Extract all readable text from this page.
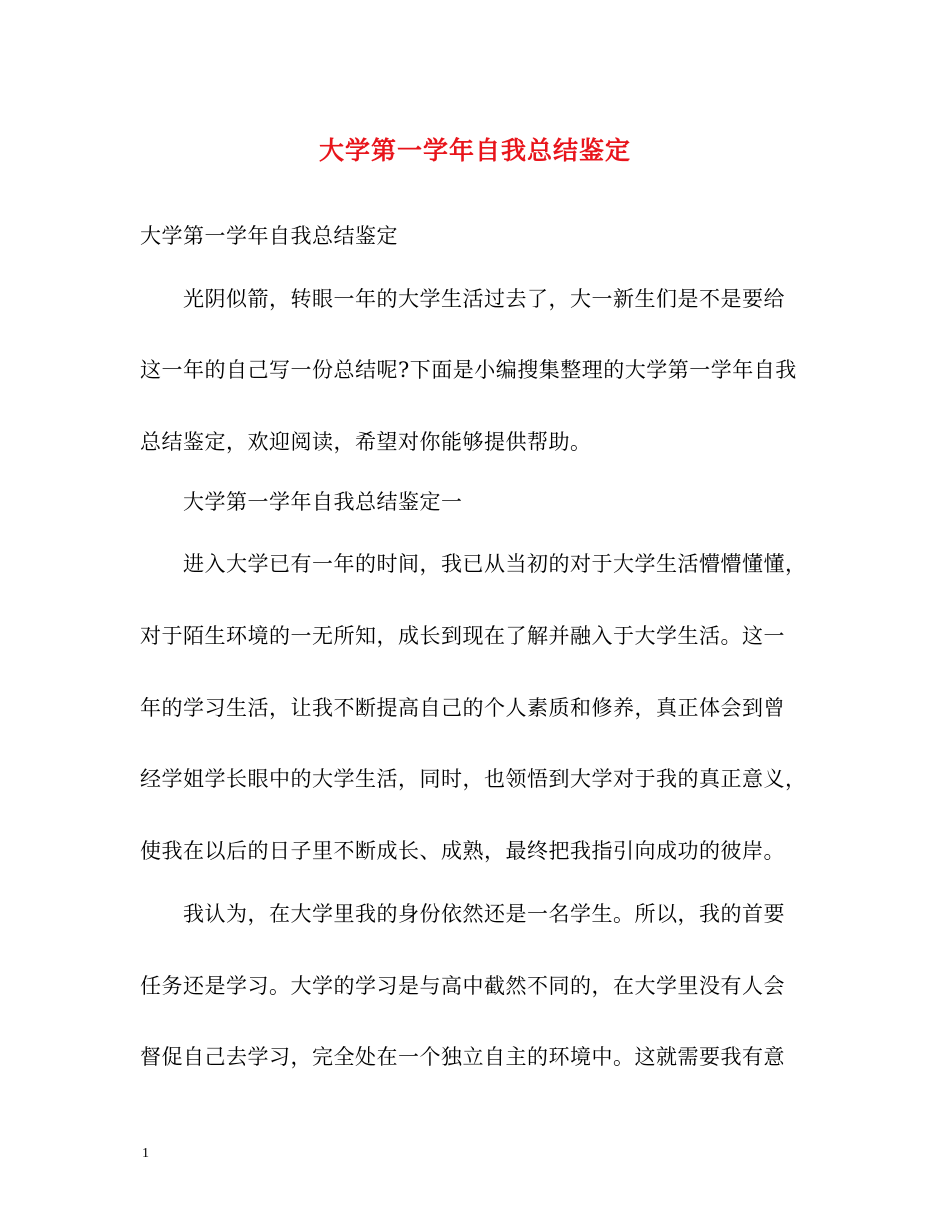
大学第一学年自我总结鉴定
大学第一学年自我总结鉴定
光阴似箭，转眼一年的大学生活过去了，大一新生们是不是要给
这一年的自己写一份总结呢?下面是小编搜集整理的大学第一学年自我
总结鉴定，欢迎阅读，希望对你能够提供帮助。
大学第一学年自我总结鉴定一
进入大学已有一年的时间，我已从当初的对于大学生活懵懵懂懂，
对于陌生环境的一无所知，成长到现在了解并融入于大学生活。这一
年的学习生活，让我不断提高自己的个人素质和修养，真正体会到曾
经学姐学长眼中的大学生活，同时，也领悟到大学对于我的真正意义，
使我在以后的日子里不断成长、成熟，最终把我指引向成功的彼岸。
我认为，在大学里我的身份依然还是一名学生。所以，我的首要
任务还是学习。大学的学习是与高中截然不同的，在大学里没有人会
督促自己去学习，完全处在一个独立自主的环境中。这就需要我有意
1
